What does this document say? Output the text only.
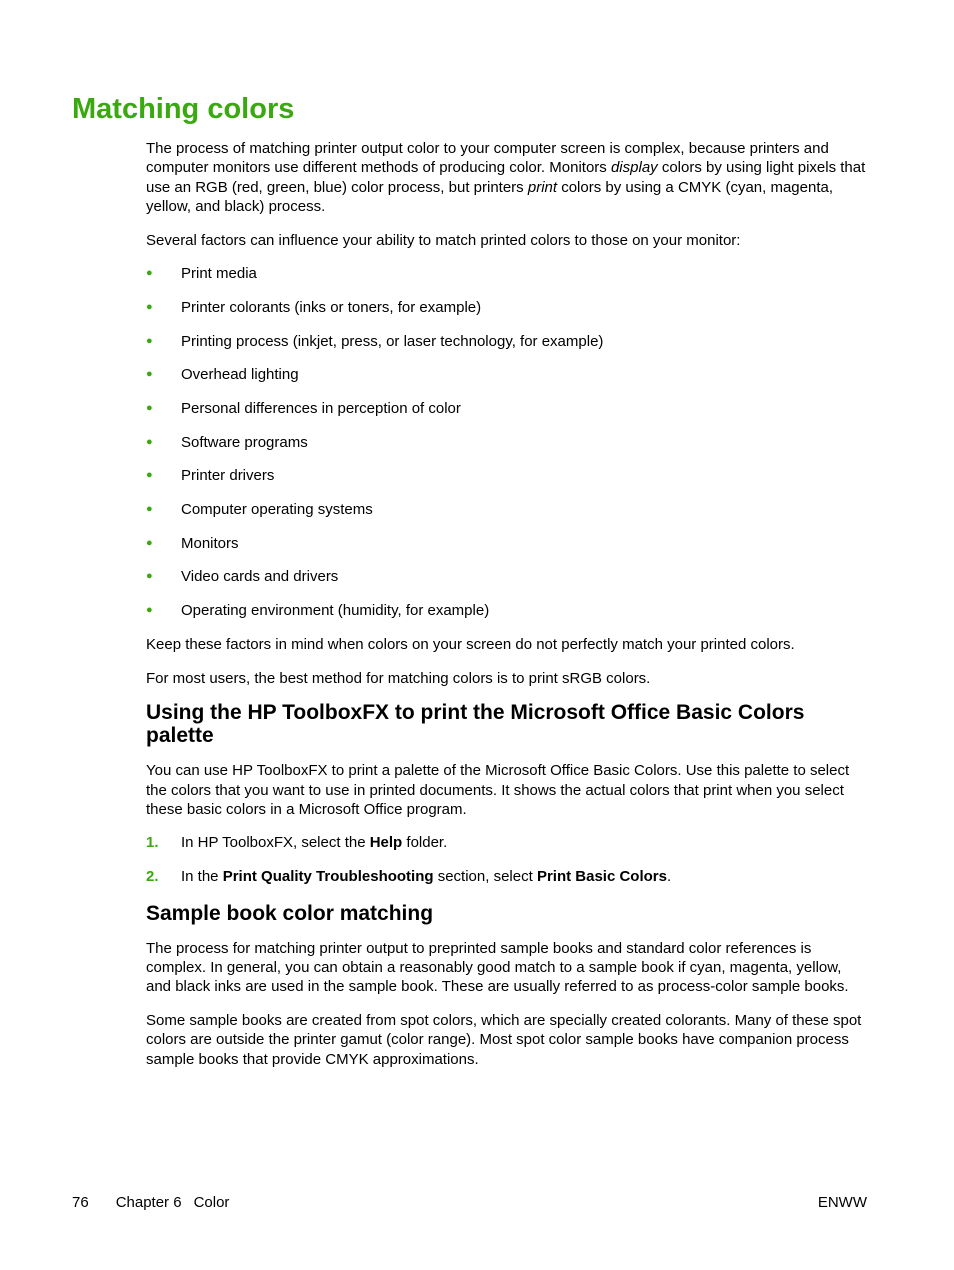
Matching colors

The process of matching printer output color to your computer screen is complex, because printers and computer monitors use different methods of producing color. Monitors display colors by using light pixels that use an RGB (red, green, blue) color process, but printers print colors by using a CMYK (cyan, magenta, yellow, and black) process.

Several factors can influence your ability to match printed colors to those on your monitor:

● Print media
● Printer colorants (inks or toners, for example)
● Printing process (inkjet, press, or laser technology, for example)
● Overhead lighting
● Personal differences in perception of color
● Software programs
● Printer drivers
● Computer operating systems
● Monitors
● Video cards and drivers
● Operating environment (humidity, for example)

Keep these factors in mind when colors on your screen do not perfectly match your printed colors.

For most users, the best method for matching colors is to print sRGB colors.

Using the HP ToolboxFX to print the Microsoft Office Basic Colors palette

You can use HP ToolboxFX to print a palette of the Microsoft Office Basic Colors. Use this palette to select the colors that you want to use in printed documents. It shows the actual colors that print when you select these basic colors in a Microsoft Office program.

1. In HP ToolboxFX, select the Help folder.
2. In the Print Quality Troubleshooting section, select Print Basic Colors.
Sample book color matching

The process for matching printer output to preprinted sample books and standard color references is complex. In general, you can obtain a reasonably good match to a sample book if cyan, magenta, yellow, and black inks are used in the sample book. These are usually referred to as process-color sample books.

Some sample books are created from spot colors, which are specially created colorants. Many of these spot colors are outside the printer gamut (color range). Most spot color sample books have companion process sample books that provide CMYK approximations.

76 Chapter 6 Color	ENWW
